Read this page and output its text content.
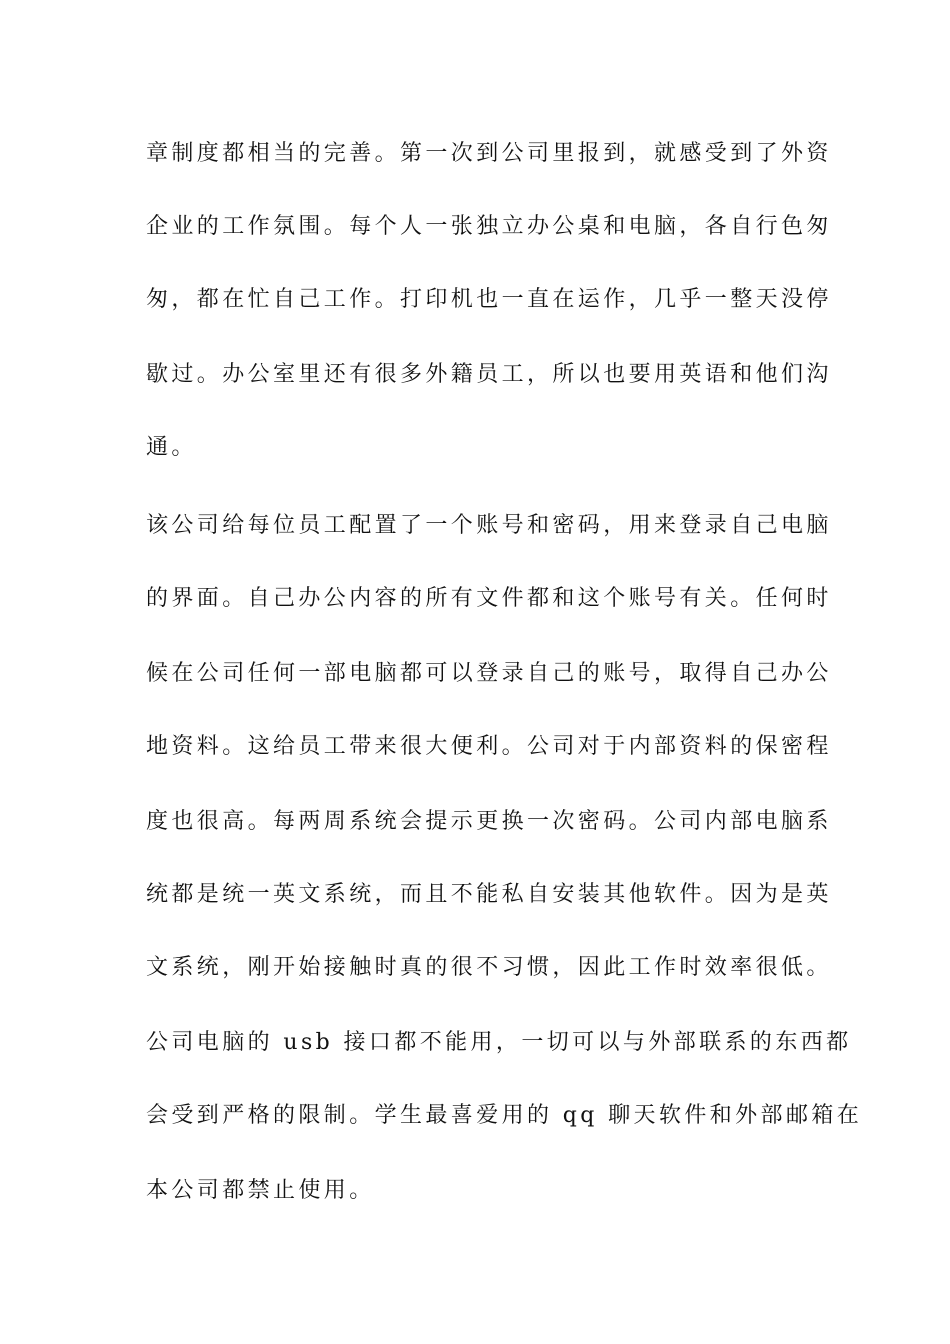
章制度都相当的完善。第一次到公司里报到，就感受到了外资
企业的工作氛围。每个人一张独立办公桌和电脑，各自行色匆
匆，都在忙自己工作。打印机也一直在运作，几乎一整天没停
歇过。办公室里还有很多外籍员工，所以也要用英语和他们沟
通。
该公司给每位员工配置了一个账号和密码，用来登录自己电脑
的界面。自己办公内容的所有文件都和这个账号有关。任何时
候在公司任何一部电脑都可以登录自己的账号，取得自己办公
地资料。这给员工带来很大便利。公司对于内部资料的保密程
度也很高。每两周系统会提示更换一次密码。公司内部电脑系
统都是统一英文系统，而且不能私自安装其他软件。因为是英
文系统，刚开始接触时真的很不习惯，因此工作时效率很低。
公司电脑的 usb 接口都不能用，一切可以与外部联系的东西都
会受到严格的限制。学生最喜爱用的 qq 聊天软件和外部邮箱在
本公司都禁止使用。
